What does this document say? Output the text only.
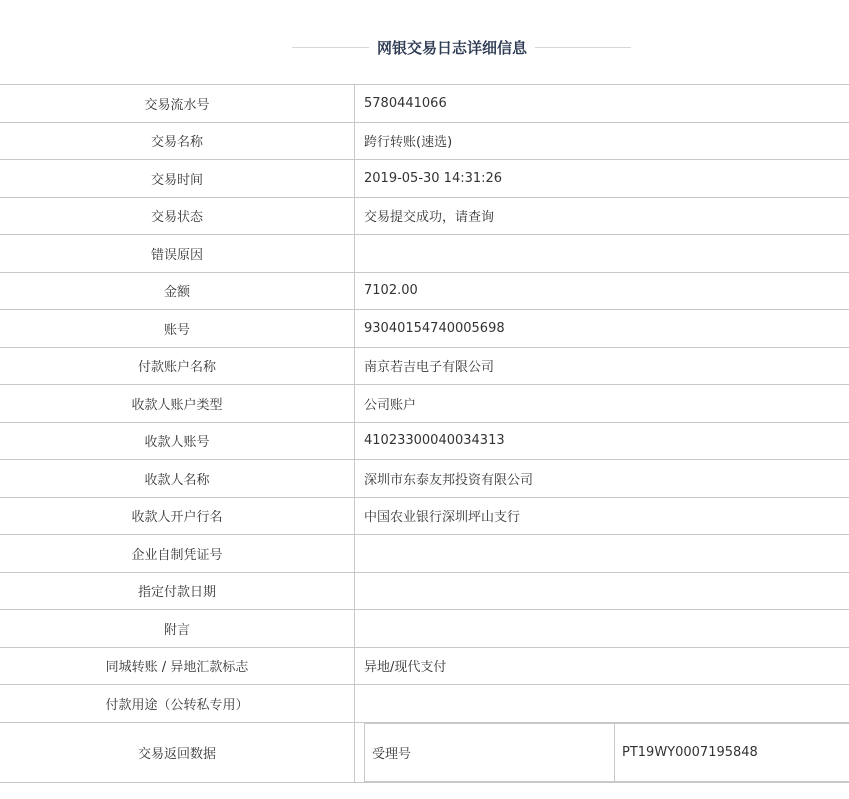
网银交易日志详细信息
交易流水号	5780441066
交易名称	跨行转账(速选)
交易时间	2019-05-30 14:31:26
交易状态	交易提交成功，请查询
错误原因	
金额	7102.00
账号	93040154740005698
付款账户名称	南京若吉电子有限公司
收款人账户类型	公司账户
收款人账号	41023300040034313
收款人名称	深圳市东泰友邦投资有限公司
收款人开户行名	中国农业银行深圳坪山支行
企业自制凭证号	
指定付款日期	
附言	
同城转账 / 异地汇款标志	异地/现代支付
付款用途（公转私专用）	
交易返回数据		受理号	PT19WY0007195848
